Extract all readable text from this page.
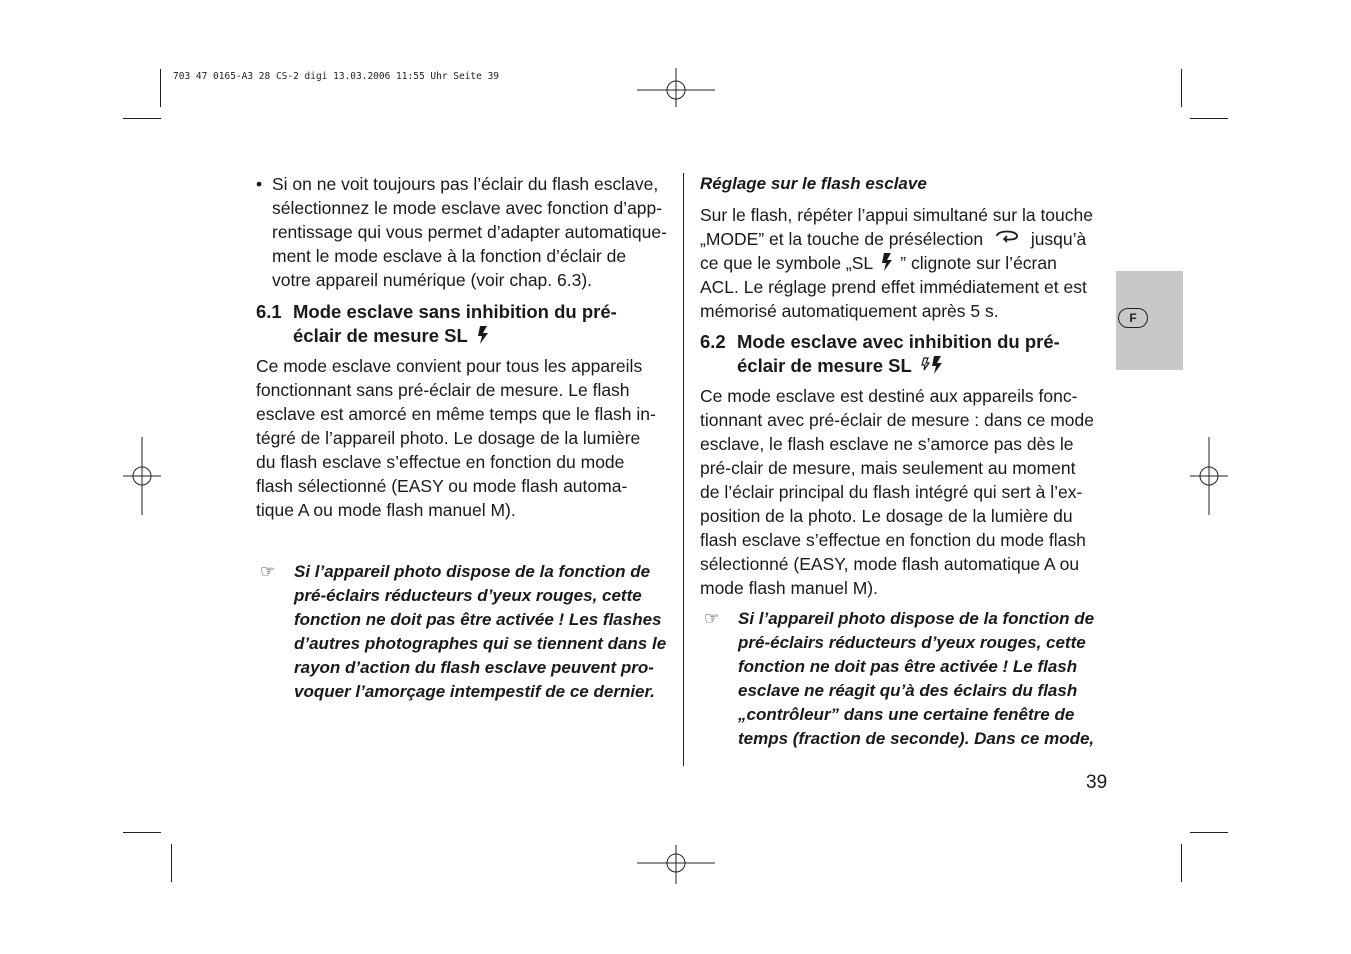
703 47 0165-A3 28 CS-2 digi 13.03.2006 11:55 Uhr Seite 39
• Si on ne voit toujours pas l’éclair du flash esclave,
sélectionnez le mode esclave avec fonction d’app-
rentissage qui vous permet d’adapter automatique-
ment le mode esclave à la fonction d’éclair de
votre appareil numérique (voir chap. 6.3).
6.1 Mode esclave sans inhibition du pré-
éclair de mesure SL
Ce mode esclave convient pour tous les appareils
fonctionnant sans pré-éclair de mesure. Le flash
esclave est amorcé en même temps que le flash in-
tégré de l’appareil photo. Le dosage de la lumière
du flash esclave s’effectue en fonction du mode
flash sélectionné (EASY ou mode flash automa-
tique A ou mode flash manuel M).
☞ Si l’appareil photo dispose de la fonction de
pré-éclairs réducteurs d’yeux rouges, cette
fonction ne doit pas être activée ! Les flashes
d’autres photographes qui se tiennent dans le
rayon d’action du flash esclave peuvent pro-
voquer l’amorçage intempestif de ce dernier.
Réglage sur le flash esclave
Sur le flash, répéter l’appui simultané sur la touche
„MODE” et la touche de présélection	jusqu’à
ce que le symbole „SL ” clignote sur l’écran
ACL. Le réglage prend effet immédiatement et est
mémorisé automatiquement après 5 s.
6.2 Mode esclave avec inhibition du pré-
éclair de mesure SL
Ce mode esclave est destiné aux appareils fonc-
tionnant avec pré-éclair de mesure : dans ce mode
esclave, le flash esclave ne s’amorce pas dès le
pré-clair de mesure, mais seulement au moment
de l’éclair principal du flash intégré qui sert à l’ex-
position de la photo. Le dosage de la lumière du
flash esclave s’effectue en fonction du mode flash
sélectionné (EASY, mode flash automatique A ou
mode flash manuel M).
☞ Si l’appareil photo dispose de la fonction de
pré-éclairs réducteurs d’yeux rouges, cette
fonction ne doit pas être activée ! Le flash
esclave ne réagit qu’à des éclairs du flash
„contrôleur” dans une certaine fenêtre de
temps (fraction de seconde). Dans ce mode,
F
39
